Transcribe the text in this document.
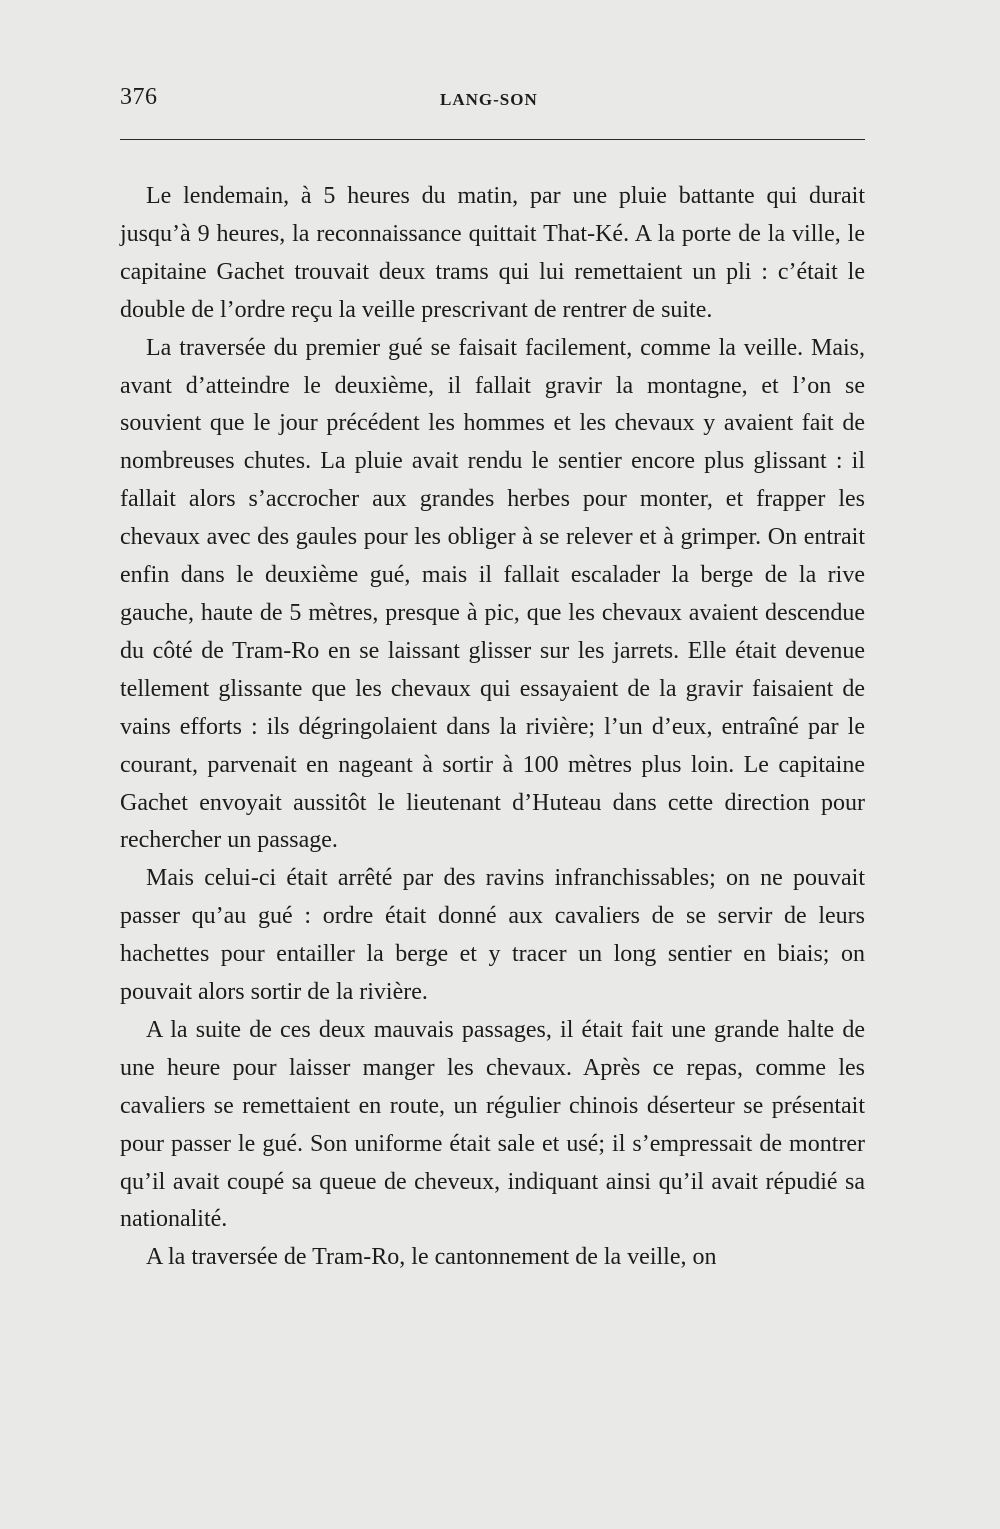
376	LANG-SON

Le lendemain, à 5 heures du matin, par une pluie battante qui durait jusqu’à 9 heures, la reconnaissance quittait That-Ké. A la porte de la ville, le capitaine Gachet trouvait deux trams qui lui remettaient un pli : c’était le double de l’ordre reçu la veille prescrivant de rentrer de suite.

La traversée du premier gué se faisait facilement, comme la veille. Mais, avant d’atteindre le deuxième, il fallait gravir la montagne, et l’on se souvient que le jour précédent les hommes et les chevaux y avaient fait de nombreuses chutes. La pluie avait rendu le sentier encore plus glissant : il fallait alors s’accrocher aux grandes herbes pour monter, et frapper les chevaux avec des gaules pour les obliger à se relever et à grimper. On entrait enfin dans le deuxième gué, mais il fallait escalader la berge de la rive gauche, haute de 5 mètres, presque à pic, que les chevaux avaient descendue du côté de Tram-Ro en se laissant glisser sur les jarrets. Elle était devenue tellement glissante que les chevaux qui essayaient de la gravir faisaient de vains efforts : ils dégringolaient dans la rivière; l’un d’eux, entraîné par le courant, parvenait en nageant à sortir à 100 mètres plus loin. Le capitaine Gachet envoyait aussitôt le lieutenant d’Huteau dans cette direction pour rechercher un passage.

Mais celui-ci était arrêté par des ravins infranchissables; on ne pouvait passer qu’au gué : ordre était donné aux cavaliers de se servir de leurs hachettes pour entailler la berge et y tracer un long sentier en biais; on pouvait alors sortir de la rivière.

A la suite de ces deux mauvais passages, il était fait une grande halte de une heure pour laisser manger les chevaux. Après ce repas, comme les cavaliers se remettaient en route, un régulier chinois déserteur se présentait pour passer le gué. Son uniforme était sale et usé; il s’empressait de montrer qu’il avait coupé sa queue de cheveux, indiquant ainsi qu’il avait répudié sa nationalité.

A la traversée de Tram-Ro, le cantonnement de la veille, on
